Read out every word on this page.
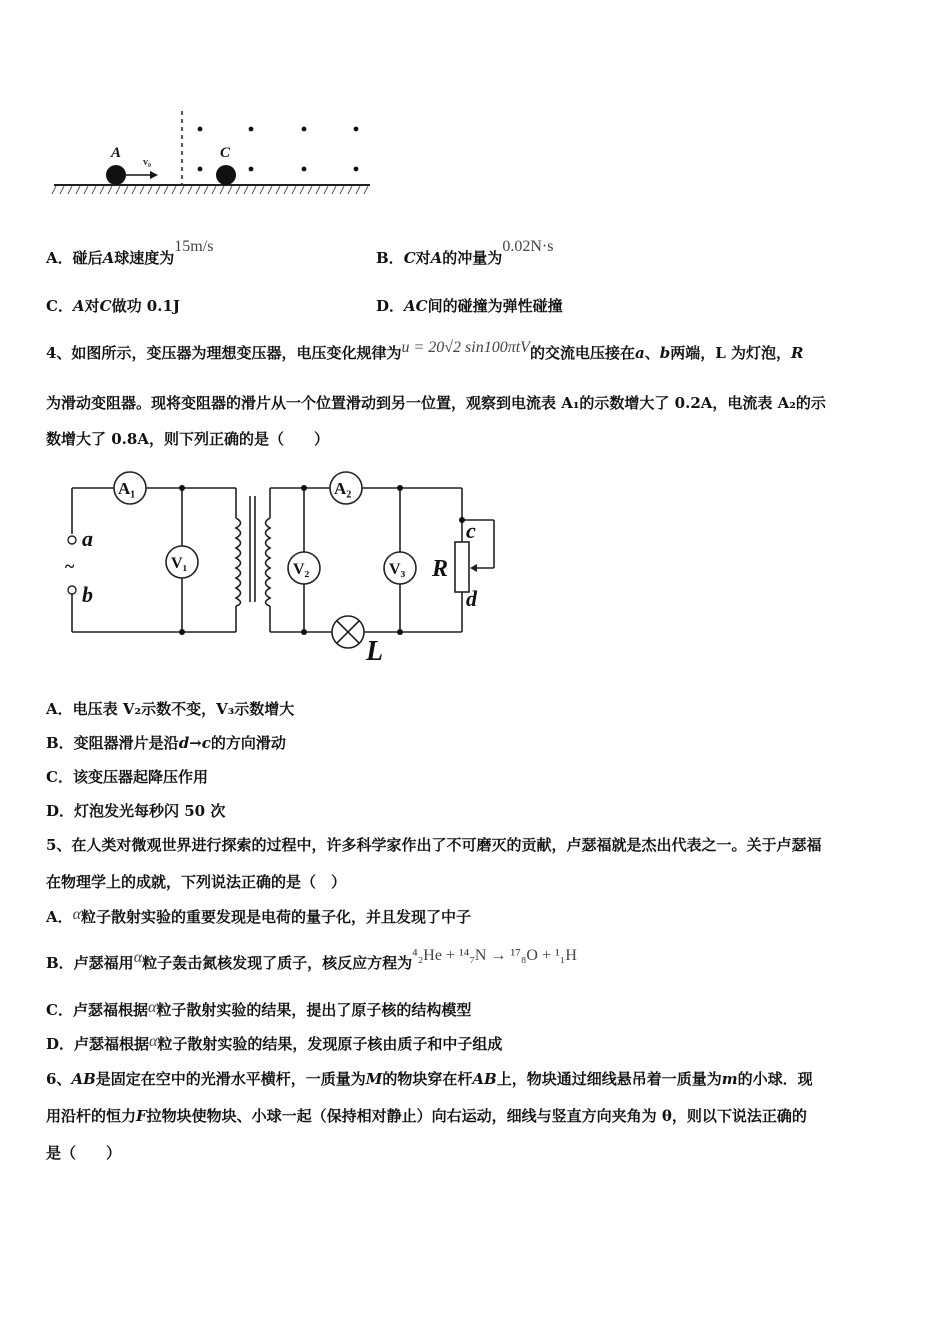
A	C
v₀
A．碰后A球速度为15m/s
B．C对A的冲量为0.02N·s
C．A对C做功 0.1J	D．AC间的碰撞为弹性碰撞
4、如图所示，变压器为理想变压器，电压变化规律为u = 20√2 sin100πtV的交流电压接在a、b两端，L 为灯泡，R
为滑动变阻器。现将变阻器的滑片从一个位置滑动到另一位置，观察到电流表 A₁的示数增大了 0.2A，电流表 A₂的示
数增大了 0.8A，则下列正确的是（　　）
A₁	A₂
V₁	V₂	V₃
a
~
b
R
c
d
L
A．电压表 V₂示数不变，V₃示数增大
B．变阻器滑片是沿d→c的方向滑动
C．该变压器起降压作用
D．灯泡发光每秒闪 50 次
5、在人类对微观世界进行探索的过程中，许多科学家作出了不可磨灭的贡献，卢瑟福就是杰出代表之一。关于卢瑟福
在物理学上的成就，下列说法正确的是（　）
A．α粒子散射实验的重要发现是电荷的量子化，并且发现了中子
B．卢瑟福用α粒子轰击氮核发现了质子，核反应方程为⁴₂He + ¹⁴₇N → ¹⁷₈O + ¹₁H
C．卢瑟福根据α粒子散射实验的结果，提出了原子核的结构模型
D．卢瑟福根据α粒子散射实验的结果，发现原子核由质子和中子组成
6、AB是固定在空中的光滑水平横杆，一质量为M的物块穿在杆AB上，物块通过细线悬吊着一质量为m的小球．现
用沿杆的恒力F拉物块使物块、小球一起（保持相对静止）向右运动，细线与竖直方向夹角为 θ，则以下说法正确的
是（　　）
